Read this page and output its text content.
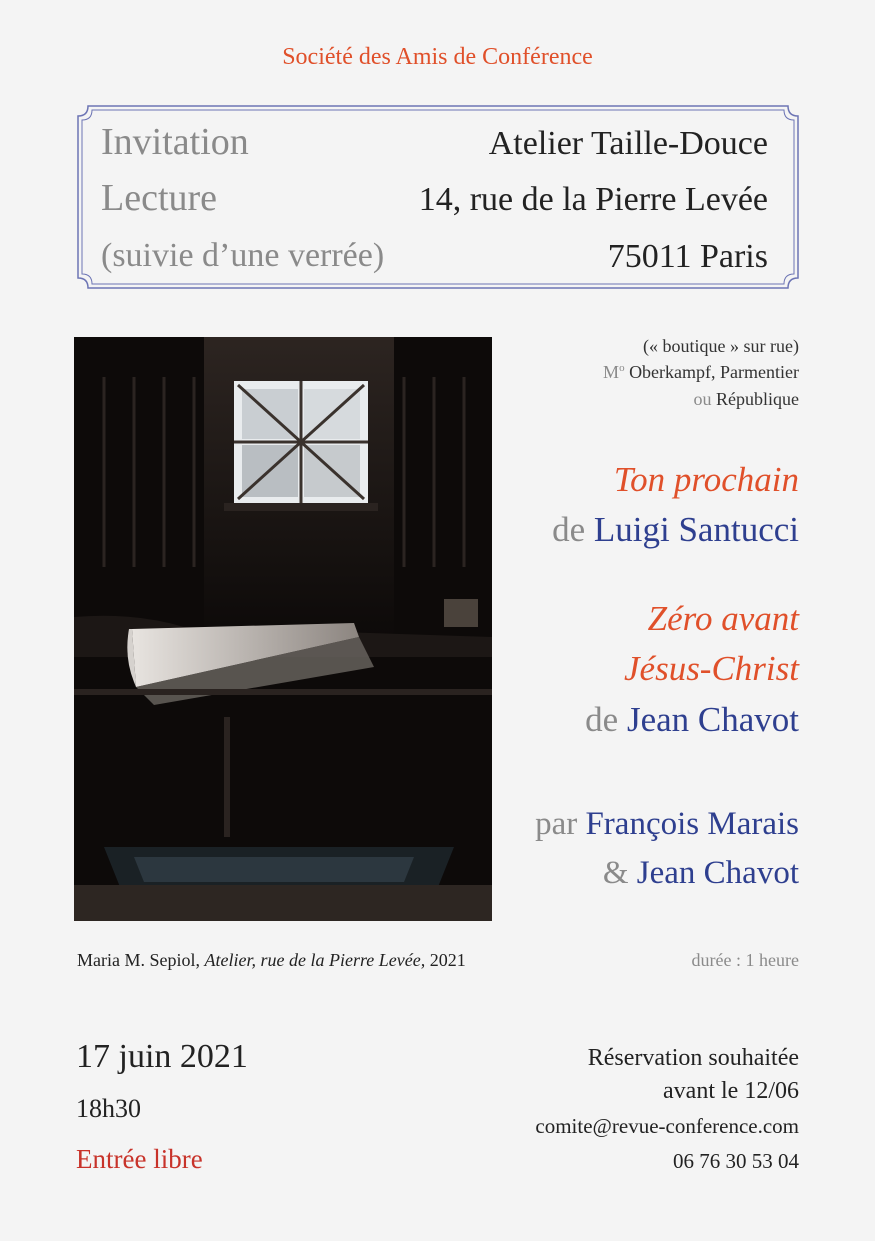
Société des Amis de Conférence
Invitation
Lecture
(suivie d’une verrée)
Atelier Taille-Douce
14, rue de la Pierre Levée
75011 Paris
Maria M. Sepiol, Atelier, rue de la Pierre Levée, 2021
(« boutique » sur rue)
$M^o$ Oberkampf, Parmentier
ou République
Ton prochain
de Luigi Santucci
Zéro avant
Jésus-Christ
de Jean Chavot
par François Marais
& Jean Chavot
durée : 1 heure
17 juin 2021
18h30
Entrée libre
Réservation souhaitée
avant le 12/06
comite@revue-conference.com
06 76 30 53 04
